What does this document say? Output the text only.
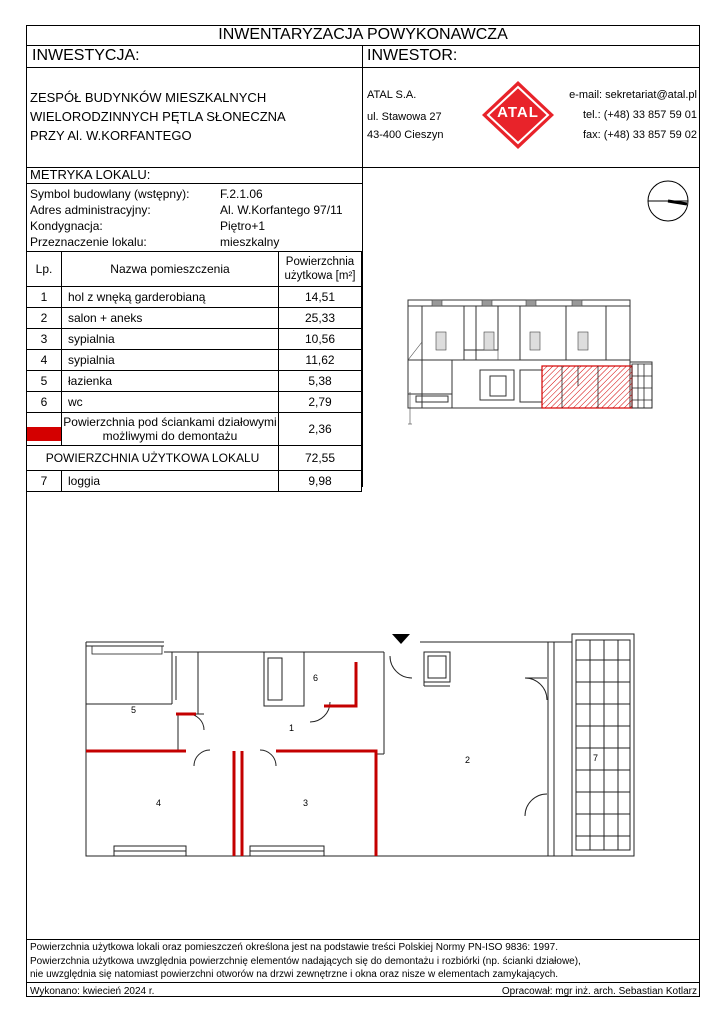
INWENTARYZACJA POWYKONAWCZA
INWESTYCJA:	INWESTOR:
ZESPÓŁ BUDYNKÓW MIESZKALNYCH
WIELORODZINNYCH PĘTLA SŁONECZNA
PRZY Al. W.KORFANTEGO
ATAL S.A.
ul. Stawowa 27
43-400 Cieszyn
ATAL
e-mail: sekretariat@atal.pl
tel.: (+48) 33 857 59 01
fax: (+48) 33 857 59 02
METRYKA LOKALU:
Symbol budowlany (wstępny):	F.2.1.06
Adres administracyjny:	Al. W.Korfantego 97/11
Kondygnacja:	Piętro+1
Przeznaczenie lokalu:	mieszkalny
Lp.	Nazwa pomieszczenia	Powierzchnia
użytkowa [m²]

1	hol z wnęką garderobianą	14,51
2	salon + aneks	25,33
3	sypialnia	10,56
4	sypialnia	11,62
5	łazienka	5,38
6	wc	2,79

	Powierzchnia pod ściankami działowymi
możliwymi do demontażu	2,36
POWIERZCHNIA UŻYTKOWA LOKALU		72,55
7	loggia	9,98
5
6
1
2
4	3
7
Powierzchnia użytkowa lokali oraz pomieszczeń określona jest na podstawie treści Polskiej Normy PN-ISO 9836: 1997.
Powierzchnia użytkowa uwzględnia powierzchnię elementów nadających się do demontażu i rozbiórki (np. ścianki działowe),
nie uwzględnia się natomiast powierzchni otworów na drzwi zewnętrzne i okna oraz nisze w elementach zamykających.
Wykonano: kwiecień 2024 r.	Opracował: mgr inż. arch. Sebastian Kotlarz
